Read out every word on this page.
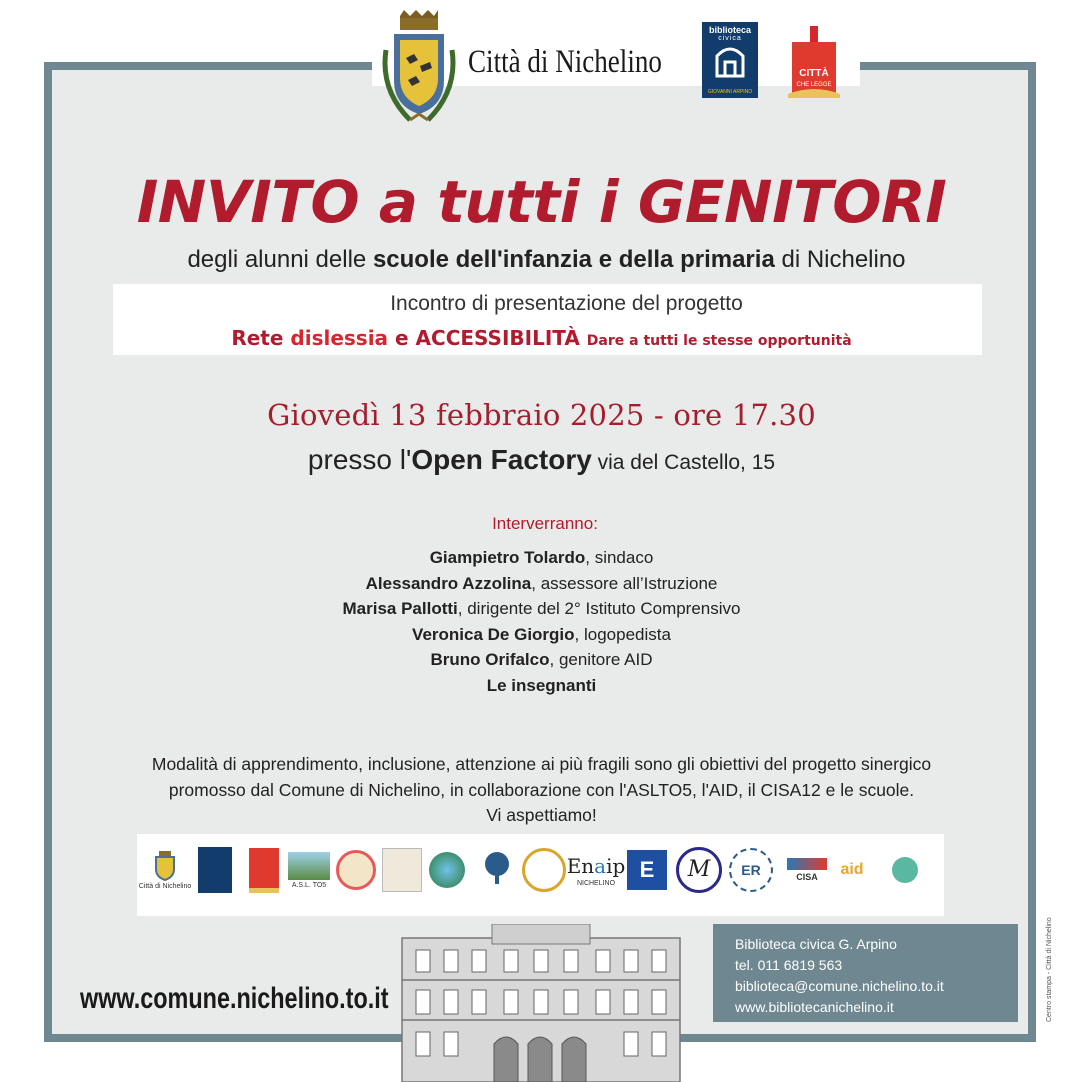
Città di Nichelino
biblioteca
civica
GIOVANNI ARPINO
CITTÀ
CHE LEGGE
INVITO a tutti i GENITORI
degli alunni delle scuole dell'infanzia e della primaria di Nichelino
Incontro di presentazione del progetto
Rete dislessia e ACCESSIBILITÀ Dare a tutti le stesse opportunità
Giovedì 13 febbraio 2025 - ore 17.30
presso l'Open Factory via del Castello, 15
Interverranno:
Giampietro Tolardo, sindaco
Alessandro Azzolina, assessore all’Istruzione
Marisa Pallotti, dirigente del 2° Istituto Comprensivo
Veronica De Giorgio, logopedista
Bruno Orifalco, genitore AID
Le insegnanti
Modalità di apprendimento, inclusione, attenzione ai più fragili sono gli obiettivi del progetto sinergico
promosso dal Comune di Nichelino, in collaborazione con l'ASLTO5, l'AID, il CISA12 e le scuole.
Vi aspettiamo!
Città di Nichelino	A.S.L. TO5
Enaip
NICHELINO
E	M	ER	CISA aid
www.comune.nichelino.to.it
Biblioteca civica G. Arpino
tel. 011 6819 563
biblioteca@comune.nichelino.to.it
www.bibliotecanichelino.it	Centro stampa - Città di Nichelino
